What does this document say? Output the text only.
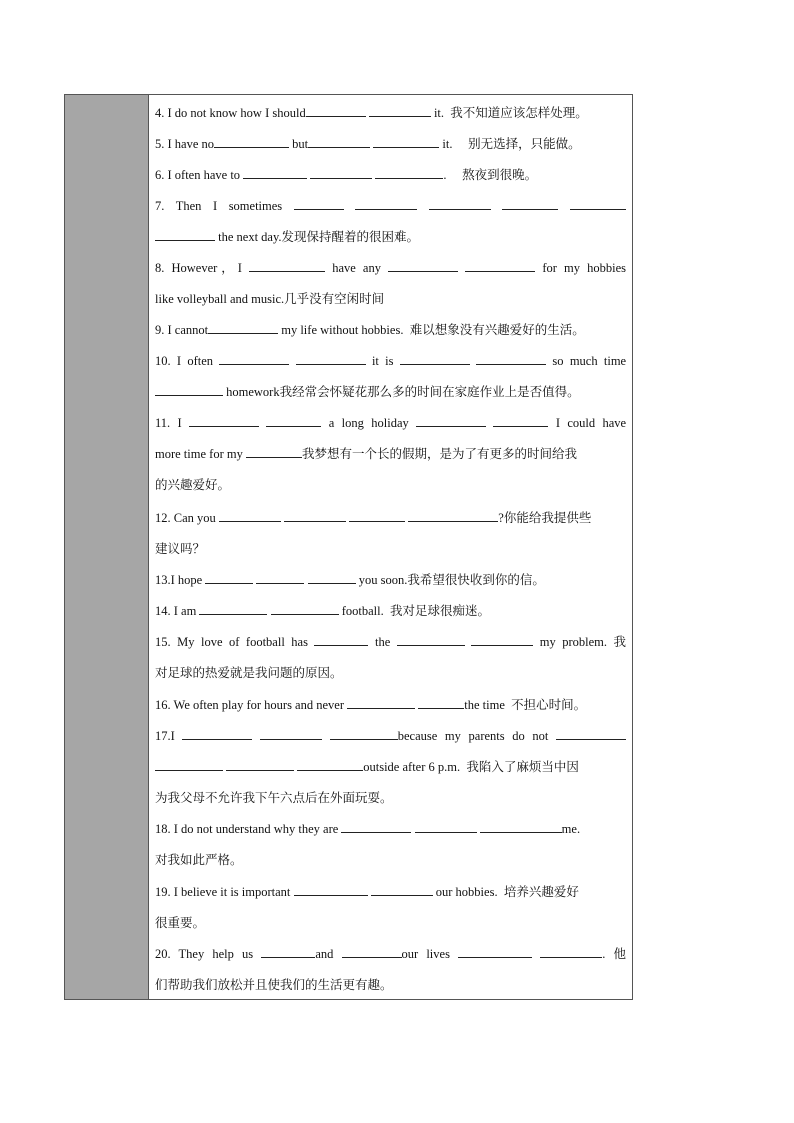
4. I do not know how I should	it. 我不知道应该怎样处理。
5. I have no	but	it. 别无选择，只能做。
6. I often have to	. 熬夜到很晚。
7. Then I sometimes
the next day.发现保持醒着的很困难。
8. However，I	have any	for my hobbies
like volleyball and music.几乎没有空闲时间
9. I cannot	my life without hobbies. 难以想象没有兴趣爱好的生活。
10. I often	it is	so much time
homework我经常会怀疑花那么多的时间在家庭作业上是否值得。
11. I	a long holiday	I could have
more time for my	我梦想有一个长的假期，是为了有更多的时间给我
的兴趣爱好。
12. Can you	?你能给我提供些
建议吗？
13.I hope	you soon.我希望很快收到你的信。
14. I am	football. 我对足球很痴迷。
15. My love of football has	the	my problem. 我
对足球的热爱就是我问题的原因。
16. We often play for hours and never	the time 不担心时间。
17.I	because my parents do not
outside after 6 p.m. 我陷入了麻烦当中因
为我父母不允许我下午六点后在外面玩耍。
18. I do not understand why they are	me.
对我如此严格。
19. I believe it is important	our hobbies. 培养兴趣爱好
很重要。
20. They help us	and	our lives	. 他
们帮助我们放松并且使我们的生活更有趣。
